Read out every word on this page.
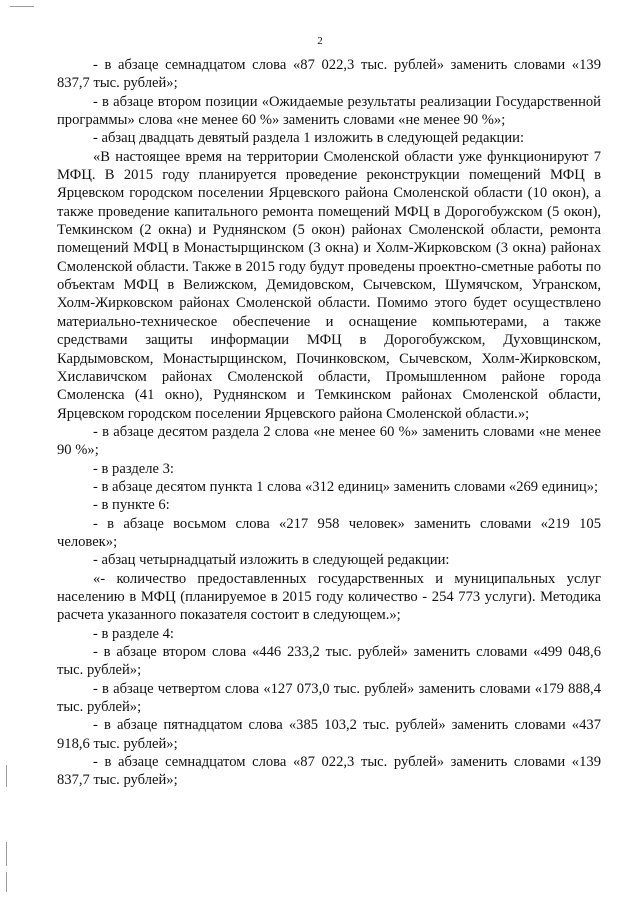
2

- в абзаце семнадцатом слова «87 022,3 тыс. рублей» заменить словами «139 837,7 тыс. рублей»;

- в абзаце втором позиции «Ожидаемые результаты реализации Государственной программы» слова «не менее 60 %» заменить словами «не менее 90 %»;

- абзац двадцать девятый раздела 1 изложить в следующей редакции:

«В настоящее время на территории Смоленской области уже функционируют 7 МФЦ. В 2015 году планируется проведение реконструкции помещений МФЦ в Ярцевском городском поселении Ярцевского района Смоленской области (10 окон), а также проведение капитального ремонта помещений МФЦ в Дорогобужском (5 окон), Темкинском (2 окна) и Руднянском (5 окон) районах Смоленской области, ремонта помещений МФЦ в Монастырщинском (3 окна) и Холм-Жирковском (3 окна) районах Смоленской области. Также в 2015 году будут проведены проектно-сметные работы по объектам МФЦ в Велижском, Демидовском, Сычевском, Шумячском, Угранском, Холм-Жирковском районах Смоленской области. Помимо этого будет осуществлено материально-техническое обеспечение и оснащение компьютерами, а также средствами защиты информации МФЦ в Дорогобужском, Духовщинском, Кардымовском, Монастырщинском, Починковском, Сычевском, Холм-Жирковском, Хиславичском районах Смоленской области, Промышленном районе города Смоленска (41 окно), Руднянском и Темкинском районах Смоленской области, Ярцевском городском поселении Ярцевского района Смоленской области.»;

- в абзаце десятом раздела 2 слова «не менее 60 %» заменить словами «не менее 90 %»;

- в разделе 3:

- в абзаце десятом пункта 1 слова «312 единиц» заменить словами «269 единиц»;

- в пункте 6:

- в абзаце восьмом слова «217 958 человек» заменить словами «219 105 человек»;

- абзац четырнадцатый изложить в следующей редакции:

«- количество предоставленных государственных и муниципальных услуг населению в МФЦ (планируемое в 2015 году количество - 254 773 услуги). Методика расчета указанного показателя состоит в следующем.»;

- в разделе 4:

- в абзаце втором слова «446 233,2 тыс. рублей» заменить словами «499 048,6 тыс. рублей»;

- в абзаце четвертом слова «127 073,0 тыс. рублей» заменить словами «179 888,4 тыс. рублей»;

- в абзаце пятнадцатом слова «385 103,2 тыс. рублей» заменить словами «437 918,6 тыс. рублей»;

- в абзаце семнадцатом слова «87 022,3 тыс. рублей» заменить словами «139 837,7 тыс. рублей»;
